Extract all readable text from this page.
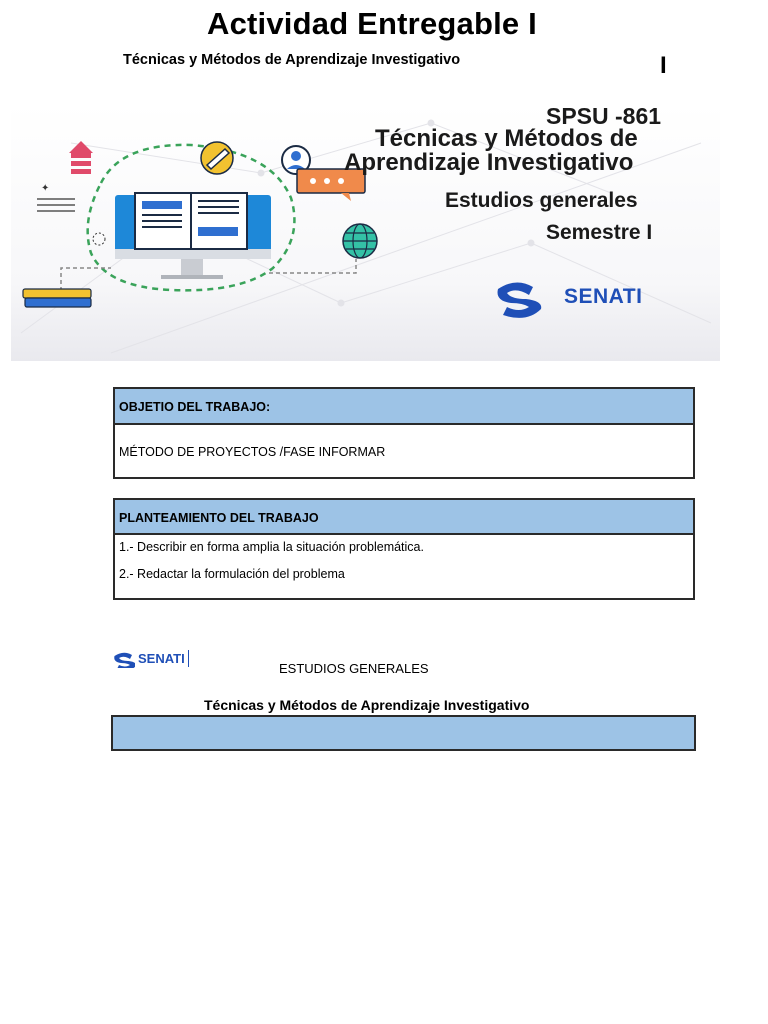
Actividad Entregable I
Técnicas y Métodos de Aprendizaje Investigativo	I
✦
SPSU -861
Técnicas y Métodos de
Aprendizaje Investigativo
Estudios generales
Semestre I
SENATI
OBJETIO DEL TRABAJO:
MÉTODO DE PROYECTOS /FASE INFORMAR
PLANTEAMIENTO DEL TRABAJO
1.- Describir en forma amplia la situación problemática.
2.- Redactar la formulación del problema
SENATI
ESTUDIOS GENERALES
Técnicas y Métodos de Aprendizaje Investigativo
